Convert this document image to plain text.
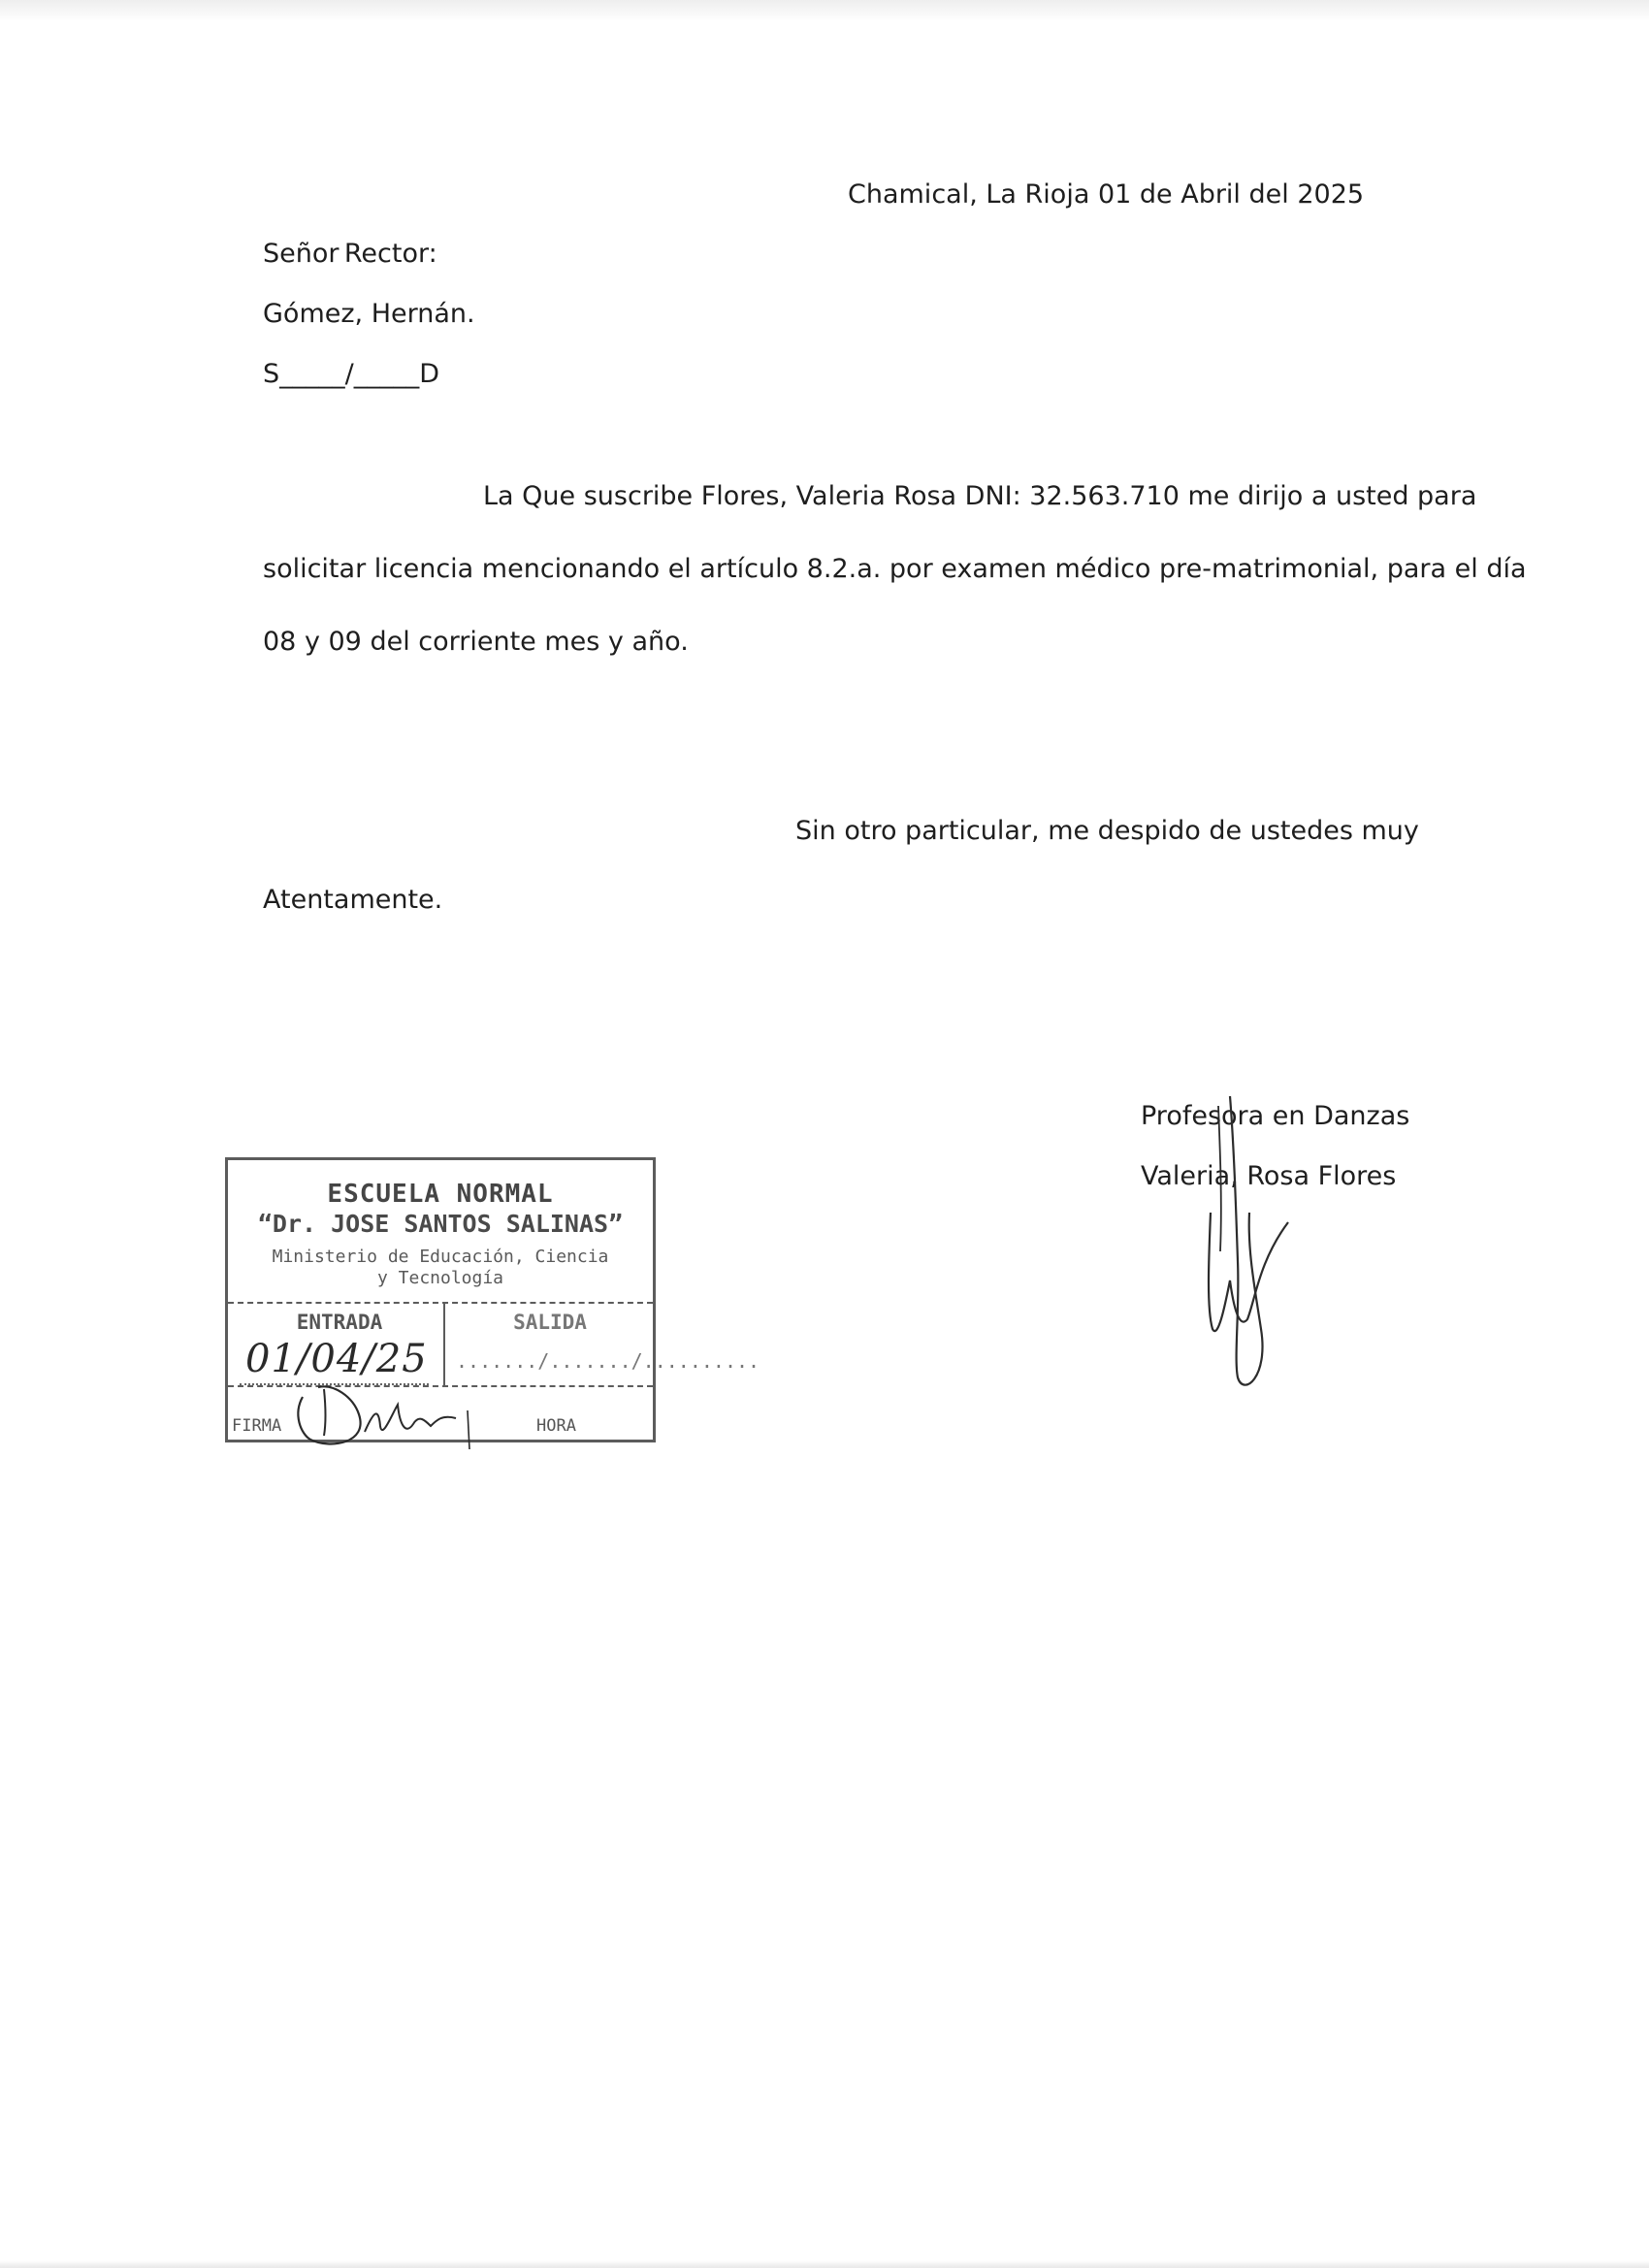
Chamical, La Rioja 01 de Abril del 2025
Señor Rector:
Gómez, Hernán.
S_____/_____D
La Que suscribe Flores, Valeria Rosa DNI: 32.563.710 me dirijo a usted para
solicitar licencia mencionando el artículo 8.2.a. por examen médico pre-matrimonial, para el día
08 y 09 del corriente mes y año.
Sin otro particular, me despido de ustedes muy
Atentamente.
Profesora en Danzas
Valeria, Rosa Flores
ESCUELA NORMAL
“Dr. JOSE SANTOS SALINAS”
Ministerio de Educación, Ciencia
y Tecnología
ENTRADA	SALIDA
01/04/25 ......./......./..........
FIRMA	HORA
